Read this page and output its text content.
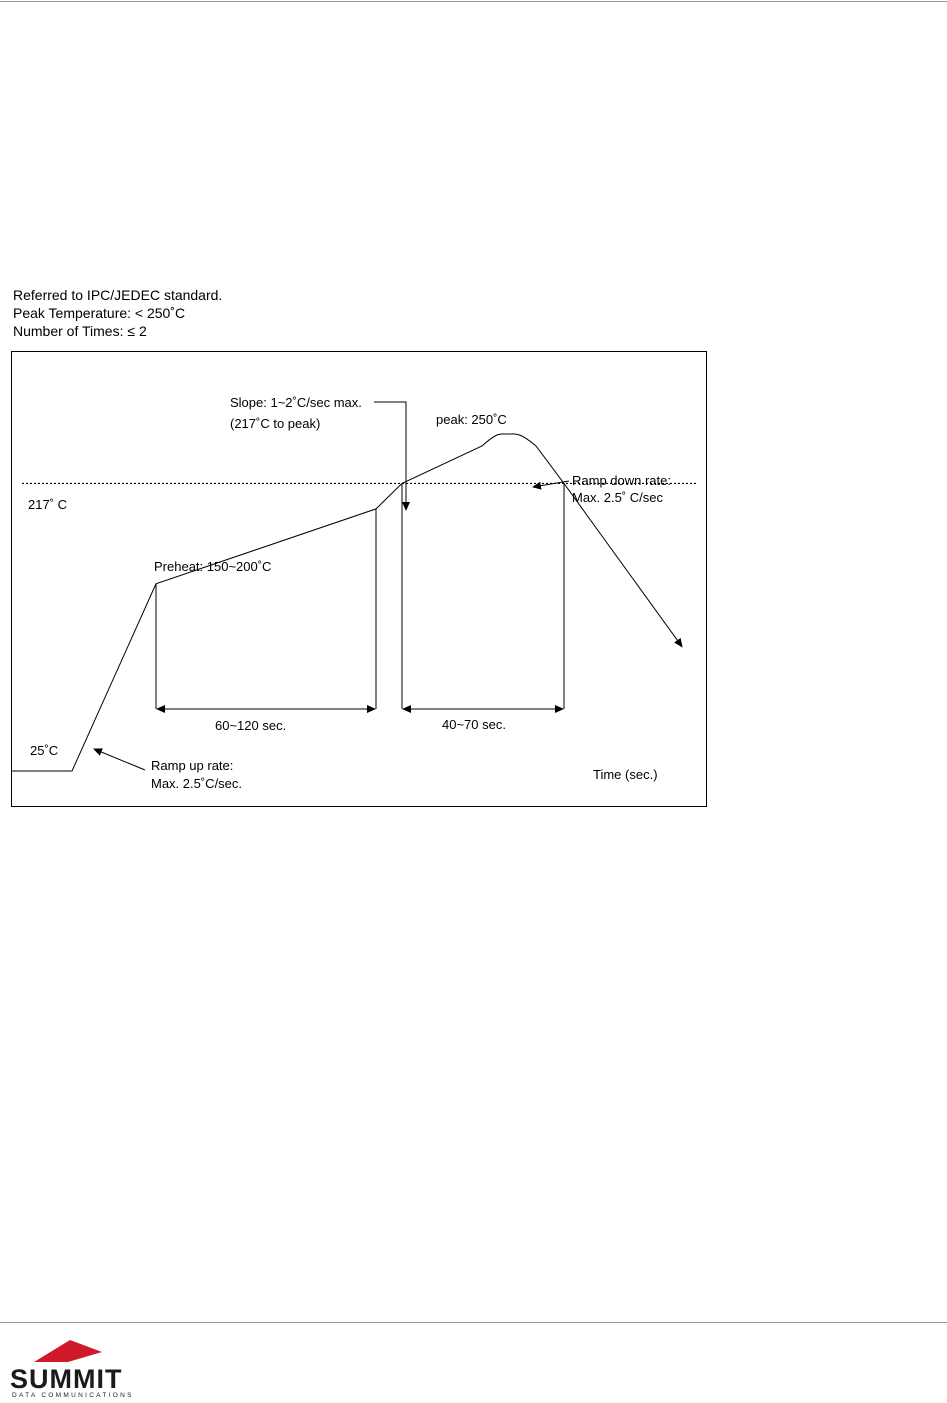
Referred to IPC/JEDEC standard.
Peak Temperature: < 250˚C
Number of Times: ≤ 2
217˚ C
60~120 sec.	40~70 sec.
Slope: 1~2˚C/sec max.
(217˚C to peak)	peak: 250˚C
Ramp down rate:
Max. 2.5˚ C/sec
Preheat: 150~200˚C
25˚C
Ramp up rate:
Max. 2.5˚C/sec.
Time (sec.)
SUMMIT
DATA COMMUNICATIONS
